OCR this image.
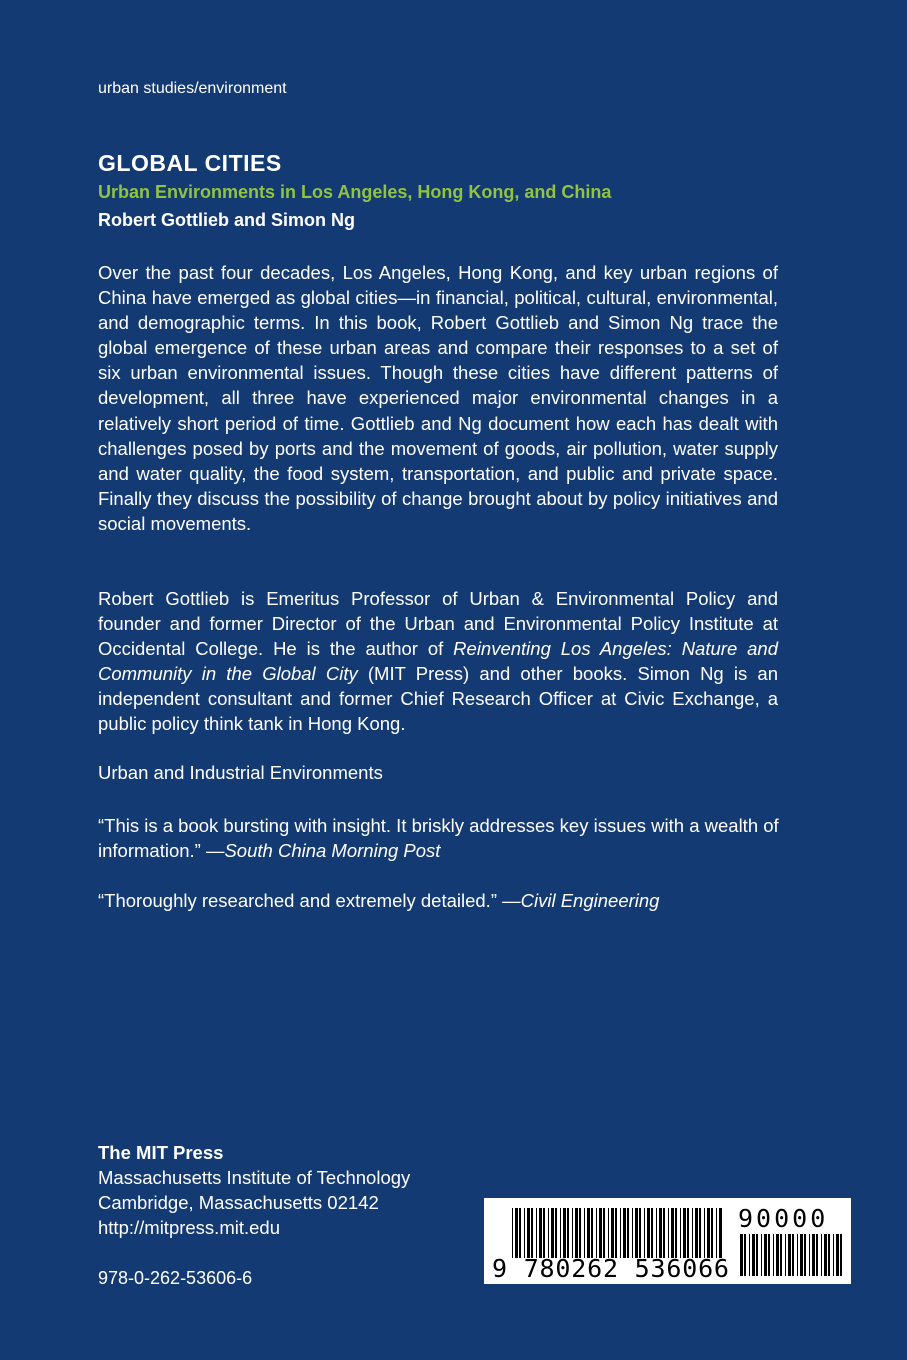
urban studies/environment
GLOBAL CITIES
Urban Environments in Los Angeles, Hong Kong, and China
Robert Gottlieb and Simon Ng

Over the past four decades, Los Angeles, Hong Kong, and key urban regions of China have emerged as global cities—in financial, political, cultural, environmental, and demographic terms. In this book, Robert Gottlieb and Simon Ng trace the global emergence of these urban areas and compare their responses to a set of six urban environmental issues. Though these cities have different patterns of development, all three have experienced major environmental changes in a relatively short period of time. Gottlieb and Ng document how each has dealt with challenges posed by ports and the movement of goods, air pollution, water supply and water quality, the food system, transportation, and public and private space. Finally they discuss the possibility of change brought about by policy initiatives and social movements.

Robert Gottlieb is Emeritus Professor of Urban & Environmental Policy and founder and former Director of the Urban and Environmental Policy Institute at Occidental College. He is the author of Reinventing Los Angeles: Nature and Community in the Global City (MIT Press) and other books. Simon Ng is an independent consultant and former Chief Research Officer at Civic Exchange, a public policy think tank in Hong Kong.

Urban and Industrial Environments

“This is a book bursting with insight. It briskly addresses key issues with a wealth of information.” —South China Morning Post

“Thoroughly researched and extremely detailed.” —Civil Engineering

The MIT Press
Massachusetts Institute of Technology
Cambridge, Massachusetts 02142
http://mitpress.mit.edu
978-0-262-53606-6	9 780262 536066
90000
